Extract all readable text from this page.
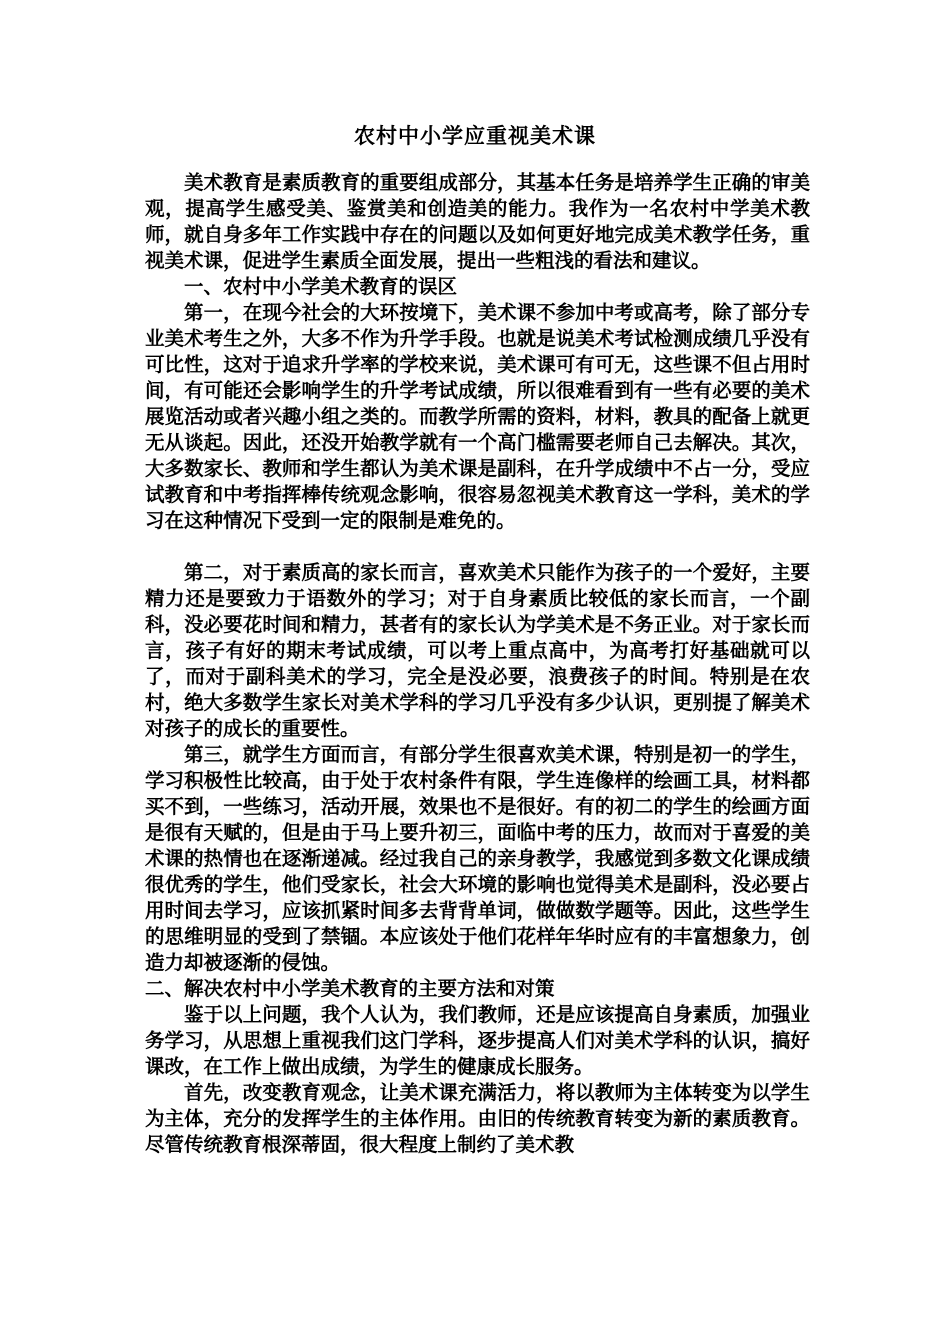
农村中小学应重视美术课

美术教育是素质教育的重要组成部分，其基本任务是培养学生正确的审美观，提高学生感受美、鉴赏美和创造美的能力。我作为一名农村中学美术教师，就自身多年工作实践中存在的问题以及如何更好地完成美术教学任务，重视美术课，促进学生素质全面发展，提出一些粗浅的看法和建议。

一、农村中小学美术教育的误区

第一，在现今社会的大环按境下，美术课不参加中考或高考，除了部分专业美术考生之外，大多不作为升学手段。也就是说美术考试检测成绩几乎没有可比性，这对于追求升学率的学校来说，美术课可有可无，这些课不但占用时间，有可能还会影响学生的升学考试成绩，所以很难看到有一些有必要的美术展览活动或者兴趣小组之类的。而教学所需的资料，材料，教具的配备上就更无从谈起。因此，还没开始教学就有一个高门槛需要老师自己去解决。其次，大多数家长、教师和学生都认为美术课是副科，在升学成绩中不占一分，受应试教育和中考指挥棒传统观念影响，很容易忽视美术教育这一学科，美术的学习在这种情况下受到一定的限制是难免的。

第二，对于素质高的家长而言，喜欢美术只能作为孩子的一个爱好，主要精力还是要致力于语数外的学习；对于自身素质比较低的家长而言，一个副科，没必要花时间和精力，甚者有的家长认为学美术是不务正业。对于家长而言，孩子有好的期末考试成绩，可以考上重点高中，为高考打好基础就可以了，而对于副科美术的学习，完全是没必要，浪费孩子的时间。特别是在农村，绝大多数学生家长对美术学科的学习几乎没有多少认识，更别提了解美术对孩子的成长的重要性。

第三，就学生方面而言，有部分学生很喜欢美术课，特别是初一的学生，学习积极性比较高，由于处于农村条件有限，学生连像样的绘画工具，材料都买不到，一些练习，活动开展，效果也不是很好。有的初二的学生的绘画方面是很有天赋的，但是由于马上要升初三，面临中考的压力，故而对于喜爱的美术课的热情也在逐渐递减。经过我自己的亲身教学，我感觉到多数文化课成绩很优秀的学生，他们受家长，社会大环境的影响也觉得美术是副科，没必要占用时间去学习，应该抓紧时间多去背背单词，做做数学题等。因此，这些学生的思维明显的受到了禁锢。本应该处于他们花样年华时应有的丰富想象力，创造力却被逐渐的侵蚀。

二、解决农村中小学美术教育的主要方法和对策

鉴于以上问题，我个人认为，我们教师，还是应该提高自身素质，加强业务学习，从思想上重视我们这门学科，逐步提高人们对美术学科的认识，搞好课改，在工作上做出成绩，为学生的健康成长服务。

首先，改变教育观念，让美术课充满活力，将以教师为主体转变为以学生为主体，充分的发挥学生的主体作用。由旧的传统教育转变为新的素质教育。尽管传统教育根深蒂固，很大程度上制约了美术教
